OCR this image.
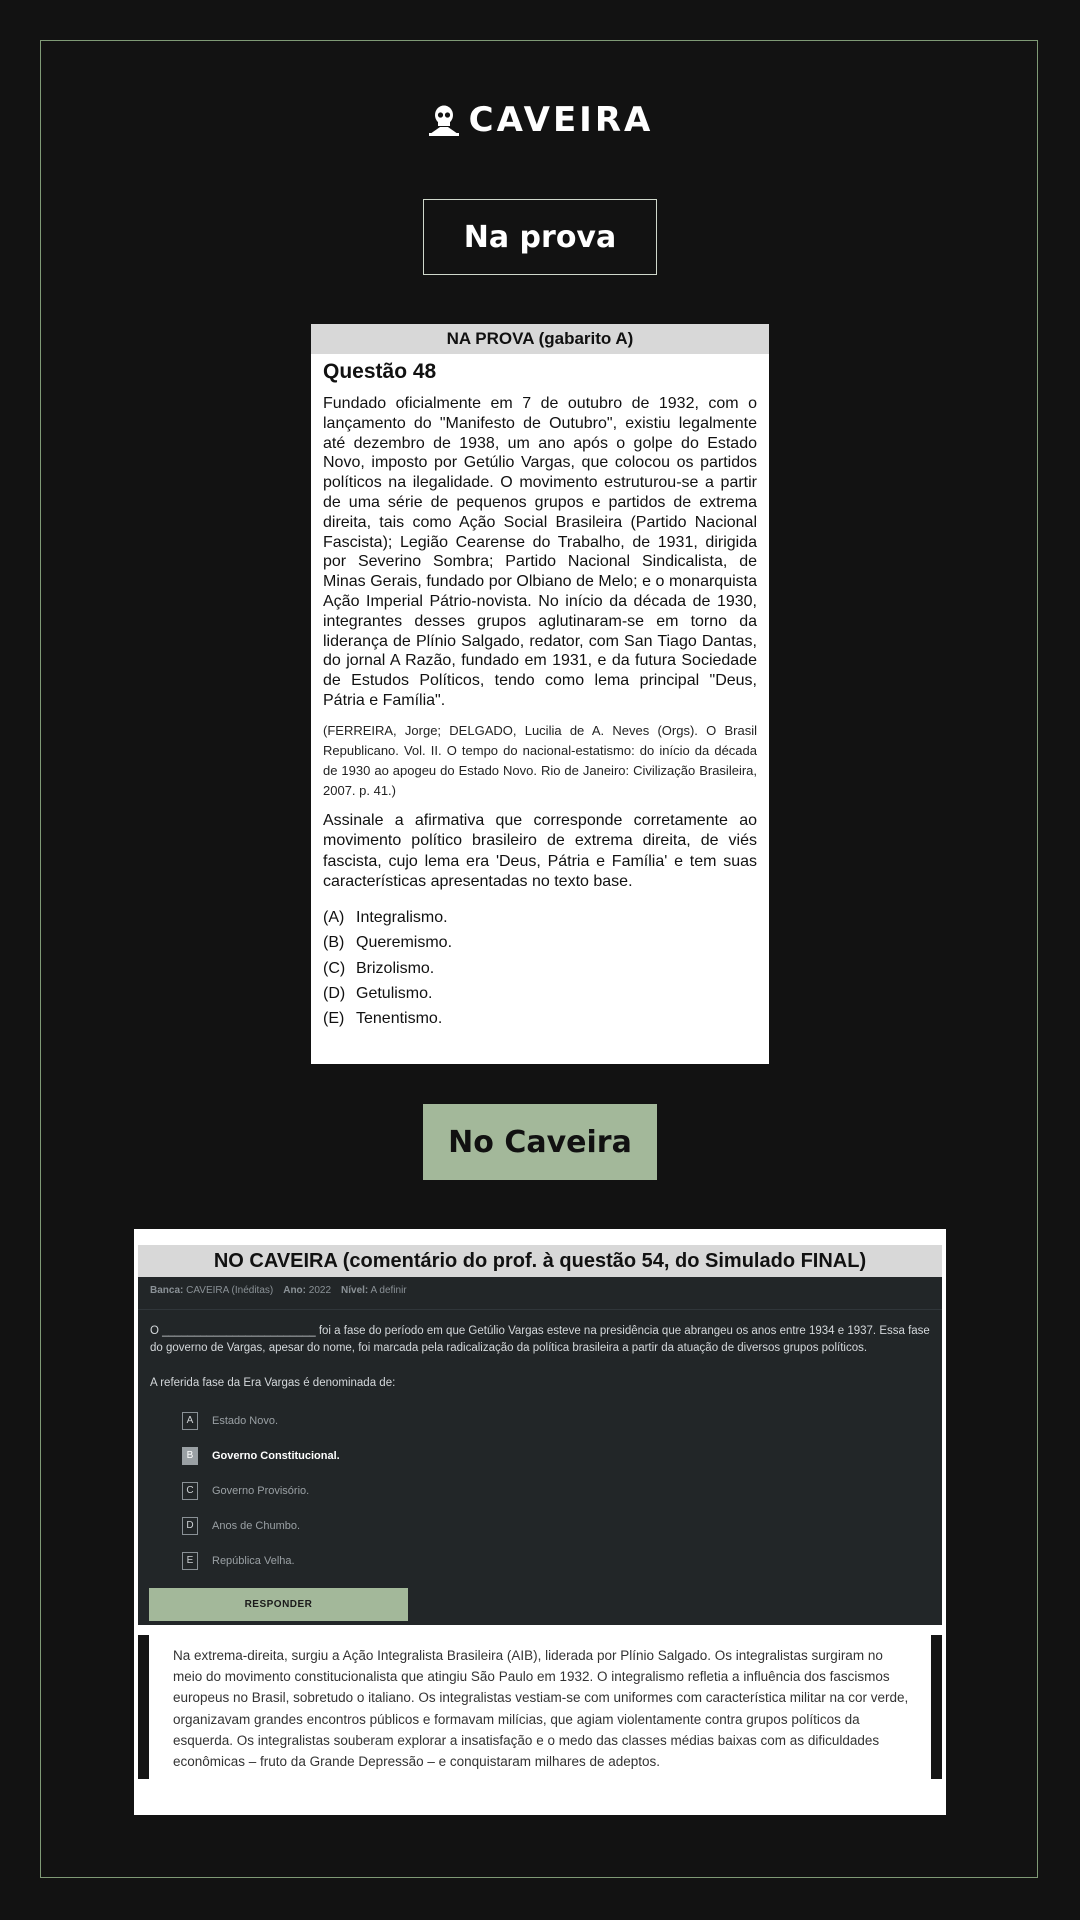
CAVEIRA
Na prova
NA PROVA (gabarito A)
Questão 48

Fundado oficialmente em 7 de outubro de 1932, com o lançamento do "Manifesto de Outubro", existiu legalmente até dezembro de 1938, um ano após o golpe do Estado Novo, imposto por Getúlio Vargas, que colocou os partidos políticos na ilegalidade. O movimento estruturou-se a partir de uma série de pequenos grupos e partidos de extrema direita, tais como Ação Social Brasileira (Partido Nacional Fascista); Legião Cearense do Trabalho, de 1931, dirigida por Severino Sombra; Partido Nacional Sindicalista, de Minas Gerais, fundado por Olbiano de Melo; e o monarquista Ação Imperial Pátrio-novista. No início da década de 1930, integrantes desses grupos aglutinaram-se em torno da liderança de Plínio Salgado, redator, com San Tiago Dantas, do jornal A Razão, fundado em 1931, e da futura Sociedade de Estudos Políticos, tendo como lema principal "Deus, Pátria e Família".

(FERREIRA, Jorge; DELGADO, Lucilia de A. Neves (Orgs). O Brasil Republicano. Vol. II. O tempo do nacional-estatismo: do início da década de 1930 ao apogeu do Estado Novo. Rio de Janeiro: Civilização Brasileira, 2007. p. 41.)

Assinale a afirmativa que corresponde corretamente ao movimento político brasileiro de extrema direita, de viés fascista, cujo lema era 'Deus, Pátria e Família' e tem suas características apresentadas no texto base.

(A) Integralismo.
(B) Queremismo.
(C) Brizolismo.
(D) Getulismo.
(E) Tenentismo.
No Caveira
NO CAVEIRA (comentário do prof. à questão 54, do Simulado FINAL)
Banca: CAVEIRA (Inéditas) Ano: 2022 Nível: A definir
O ________________________ foi a fase do período em que Getúlio Vargas esteve na presidência que abrangeu os anos entre 1934 e 1937. Essa fase do governo de Vargas, apesar do nome, foi marcada pela radicalização da política brasileira a partir da atuação de diversos grupos políticos.
A referida fase da Era Vargas é denominada de:
A	Estado Novo.
B	Governo Constitucional.
C	Governo Provisório.
D	Anos de Chumbo.
E	República Velha.
Na extrema-direita, surgiu a Ação Integralista Brasileira (AIB), liderada por Plínio Salgado. Os integralistas surgiram no meio do movimento constitucionalista que atingiu São Paulo em 1932. O integralismo refletia a influência dos fascismos europeus no Brasil, sobretudo o italiano. Os integralistas vestiam-se com uniformes com característica militar na cor verde, organizavam grandes encontros públicos e formavam milícias, que agiam violentamente contra grupos políticos da esquerda. Os integralistas souberam explorar a insatisfação e o medo das classes médias baixas com as dificuldades econômicas – fruto da Grande Depressão – e conquistaram milhares de adeptos.
RESPONDER
